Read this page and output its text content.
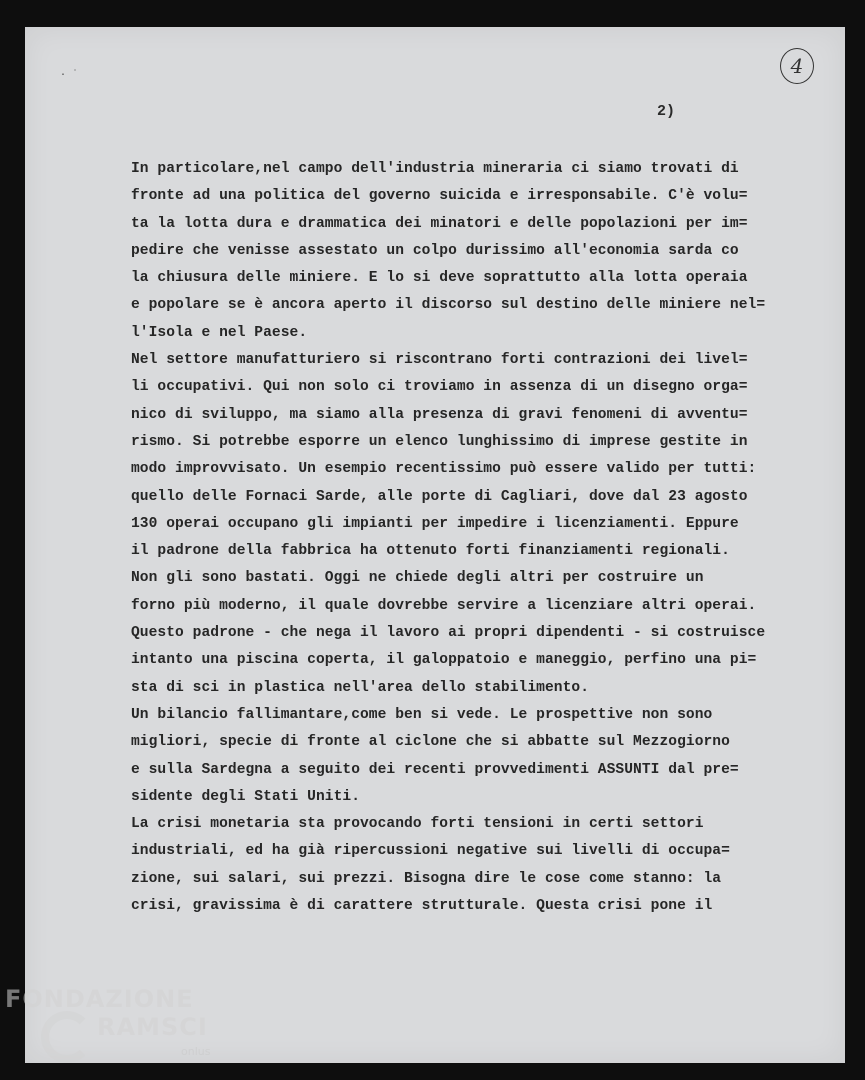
· ˙	4
2)
In particolare,nel campo dell'industria mineraria ci siamo trovati di
fronte ad una politica del governo suicida e irresponsabile. C'è volu=
ta la lotta dura e drammatica dei minatori e delle popolazioni per im=
pedire che venisse assestato un colpo durissimo all'economia sarda co
la chiusura delle miniere. E lo si deve soprattutto alla lotta operaia
e popolare se è ancora aperto il discorso sul destino delle miniere nel=
l'Isola e nel Paese.
Nel settore manufatturiero si riscontrano forti contrazioni dei livel=
li occupativi. Qui non solo ci troviamo in assenza di un disegno orga=
nico di sviluppo, ma siamo alla presenza di gravi fenomeni di avventu=
rismo. Si potrebbe esporre un elenco lunghissimo di imprese gestite in
modo improvvisato. Un esempio recentissimo può essere valido per tutti:
quello delle Fornaci Sarde, alle porte di Cagliari, dove dal 23 agosto
130 operai occupano gli impianti per impedire i licenziamenti. Eppure
il padrone della fabbrica ha ottenuto forti finanziamenti regionali.
Non gli sono bastati. Oggi ne chiede degli altri per costruire un
forno più moderno, il quale dovrebbe servire a licenziare altri operai.
Questo padrone - che nega il lavoro ai propri dipendenti - si costruisce
intanto una piscina coperta, il galoppatoio e maneggio, perfino una pi=
sta di sci in plastica nell'area dello stabilimento.
Un bilancio fallimantare,come ben si vede. Le prospettive non sono
migliori, specie di fronte al ciclone che si abbatte sul Mezzogiorno
e sulla Sardegna a seguito dei recenti provvedimenti ASSUNTI dal pre=
sidente degli Stati Uniti.
La crisi monetaria sta provocando forti tensioni in certi settori
industriali, ed ha già ripercussioni negative sui livelli di occupa=
zione, sui salari, sui prezzi. Bisogna dire le cose come stanno: la
crisi, gravissima è di carattere strutturale. Questa crisi pone il
FONDAZIONE
RAMSCI
onlus
